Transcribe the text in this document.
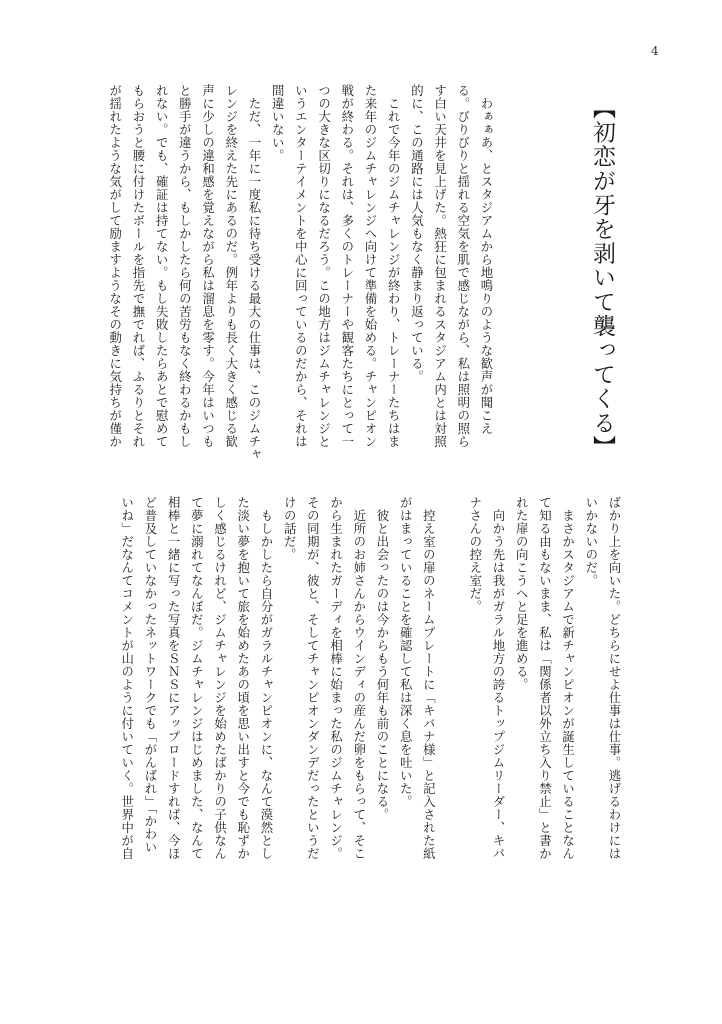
4
【初恋が牙を剥いて襲ってくる】
　わぁぁあ、とスタジアムから地鳴りのような歓声が聞こえ
る。びりびりと揺れる空気を肌で感じながら、私は照明の照ら
す白い天井を見上げた。熱狂に包まれるスタジアム内とは対照
的に、この通路には人気もなく静まり返っている。
　これで今年のジムチャレンジが終わり、トレーナーたちはま
た来年のジムチャレンジへ向けて準備を始める。チャンピオン
戦が終わる。それは、多くのトレーナーや観客たちにとって一
つの大きな区切りになるだろう。この地方はジムチャレンジと
いうエンターテイメントを中心に回っているのだから、それは
間違いない。
　ただ、一年に一度私に待ち受ける最大の仕事は、このジムチャ
レンジを終えた先にあるのだ。例年よりも長く大きく感じる歓
声に少しの違和感を覚えながら私は溜息を零す。今年はいつも
と勝手が違うから、もしかしたら何の苦労もなく終わるかもし
れない。でも、確証は持てない。もし失敗したらあとで慰めて
もらおうと腰に付けたボールを指先で撫でれば、ふるりとそれ
が揺れたような気がして励ますようなその動きに気持ちが僅か
ばかり上を向いた。どちらにせよ仕事は仕事。逃げるわけには
いかないのだ。
　まさかスタジアムで新チャンピオンが誕生していることなん
て知る由もないまま、私は「関係者以外立ち入り禁止」と書か
れた扉の向こうへと足を進める。
　向かう先は我がガラル地方の誇るトップジムリーダー、キバ
ナさんの控え室だ。

　控え室の扉のネームプレートに「キバナ様」と記入された紙
がはまっていることを確認して私は深く息を吐いた。
　彼と出会ったのは今からもう何年も前のことになる。
　近所のお姉さんからウインディの産んだ卵をもらって、そこ
から生まれたガーディを相棒に始まった私のジムチャレンジ。
その同期が、彼と、そしてチャンピオンダンデだったというだ
けの話だ。
　もしかしたら自分がガラルチャンピオンに、なんて漠然とし
た淡い夢を抱いて旅を始めたあの頃を思い出すと今でも恥ずか
しく感じるけれど、ジムチャレンジを始めたばかりの子供なん
て夢に溺れてなんぼだ。ジムチャレンジはじめました、なんて
相棒と一緒に写った写真をＳＮＳにアップロードすれば、今ほ
ど普及していなかったネットワークでも「がんばれ」「かわい
いね」だなんてコメントが山のように付いていく。世界中が自
